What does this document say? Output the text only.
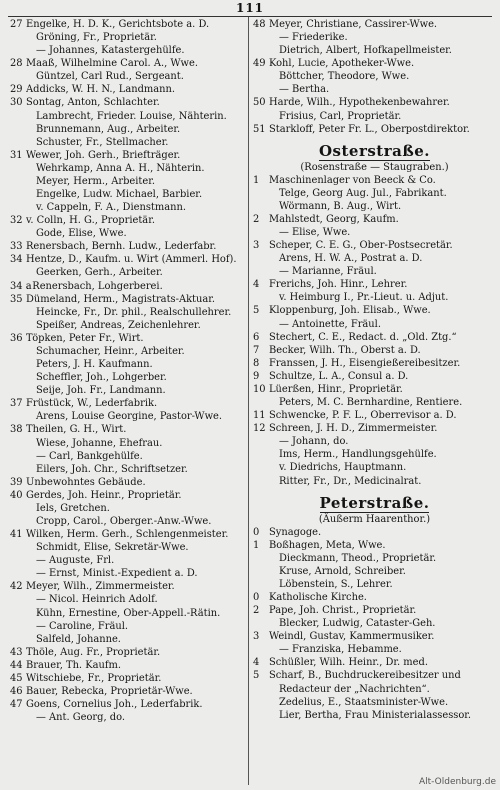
111
27 Engelke, H. D. K., Gerichtsbote a. D.
Gröning, Fr., Proprietär.
— Johannes, Katastergehülfe.
28 Maaß, Wilhelmine Carol. A., Wwe.
Güntzel, Carl Rud., Sergeant.
29 Addicks, W. H. N., Landmann.
30 Sontag, Anton, Schlachter.
Lambrecht, Frieder. Louise, Nähterin.
Brunnemann, Aug., Arbeiter.
Schuster, Fr., Stellmacher.
31 Wewer, Joh. Gerh., Briefträger.
Wehrkamp, Anna A. H., Nähterin.
Meyer, Herm., Arbeiter.
Engelke, Ludw. Michael, Barbier.
v. Cappeln, F. A., Dienstmann.
32 v. Colln, H. G., Proprietär.
Gode, Elise, Wwe.
33 Renersbach, Bernh. Ludw., Lederfabr.
34 Hentze, D., Kaufm. u. Wirt (Ammerl. Hof).
Geerken, Gerh., Arbeiter.
34 a
. Renersbach, Lohgerberei.
35 Dümeland, Herm., Magistrats-Aktuar.
Heincke, Fr., Dr. phil., Realschullehrer.
Speißer, Andreas, Zeichenlehrer.
36 Töpken, Peter Fr., Wirt.
Schumacher, Heinr., Arbeiter.
Peters, J. H. Kaufmann.
Scheffler, Joh., Lohgerber.
Seije, Joh. Fr., Landmann.
37 Früstück, W., Lederfabrik.
Arens, Louise Georgine, Pastor-Wwe.
38 Theilen, G. H., Wirt.
Wiese, Johanne, Ehefrau.
— Carl, Bankgehülfe.
Eilers, Joh. Chr., Schriftsetzer.
39 Unbewohntes Gebäude.
40 Gerdes, Joh. Heinr., Proprietär.
Iels, Gretchen.
Cropp, Carol., Oberger.-Anw.-Wwe.
41 Wilken, Herm. Gerh., Schlengenmeister.
Schmidt, Elise, Sekretär-Wwe.
— Auguste, Frl.
— Ernst, Minist.-Expedient a. D.
42 Meyer, Wilh., Zimmermeister.
— Nicol. Heinrich Adolf.
Kühn, Ernestine, Ober-Appell.-Rätin.
— Caroline, Fräul.
Salfeld, Johanne.
43 Thöle, Aug. Fr., Proprietär.
44 Brauer, Th. Kaufm.
45 Witschiebe, Fr., Proprietär.
46 Bauer, Rebecka, Proprietär-Wwe.
47 Goens, Cornelius Joh., Lederfabrik.
— Ant. Georg, do.
48 Meyer, Christiane, Cassirer-Wwe.
— Friederike.
Dietrich, Albert, Hofkapellmeister.
49 Kohl, Lucie, Apotheker-Wwe.
Böttcher, Theodore, Wwe.
— Bertha.
50 Harde, Wilh., Hypothekenbewahrer.
Frisius, Carl, Proprietär.
51 Starkloff, Peter Fr. L., Oberpostdirektor.
Osterstraße.
(Rosenstraße — Staugraben.)
1 Maschinenlager von Beeck & Co.
Telge, Georg Aug. Jul., Fabrikant.
Wörmann, B. Aug., Wirt.
2 Mahlstedt, Georg, Kaufm.
— Elise, Wwe.
3 Scheper, C. E. G., Ober-Postsecretär.
Arens, H. W. A., Postrat a. D.
— Marianne, Fräul.
4 Frerichs, Joh. Hinr., Lehrer.
v. Heimburg I., Pr.-Lieut. u. Adjut.
5 Kloppenburg, Joh. Elisab., Wwe.
— Antoinette, Fräul.
6 Stechert, C. E., Redact. d. „Old. Ztg.“
7 Becker, Wilh. Th., Oberst a. D.
8 Franssen, J. H., Eisengießereibesitzer.
9 Schultze, L. A., Consul a. D.
10 Lüerßen, Hinr., Proprietär.
Peters, M. C. Bernhardine, Rentiere.
11 Schwencke, P. F. L., Oberrevisor a. D.
12 Schreen, J. H. D., Zimmermeister.
— Johann, do.
Ims, Herm., Handlungsgehülfe.
v. Diedrichs, Hauptmann.
Ritter, Fr., Dr., Medicinalrat.
Peterstraße.
(Äußerm Haarenthor.)
0 Synagoge.
1 Boßhagen, Meta, Wwe.
Dieckmann, Theod., Proprietär.
Kruse, Arnold, Schreiber.
Löbenstein, S., Lehrer.
0 Katholische Kirche.
2 Pape, Joh. Christ., Proprietär.
Blecker, Ludwig, Cataster-Geh.
3 Weindl, Gustav, Kammermusiker.
— Franziska, Hebamme.
4 Schüßler, Wilh. Heinr., Dr. med.
5 Scharf, B., Buchdruckereibesitzer und
Redacteur der „Nachrichten“.
Zedelius, E., Staatsminister-Wwe.
Lier, Bertha, Frau Ministerialassessor.
Alt-Oldenburg.de
